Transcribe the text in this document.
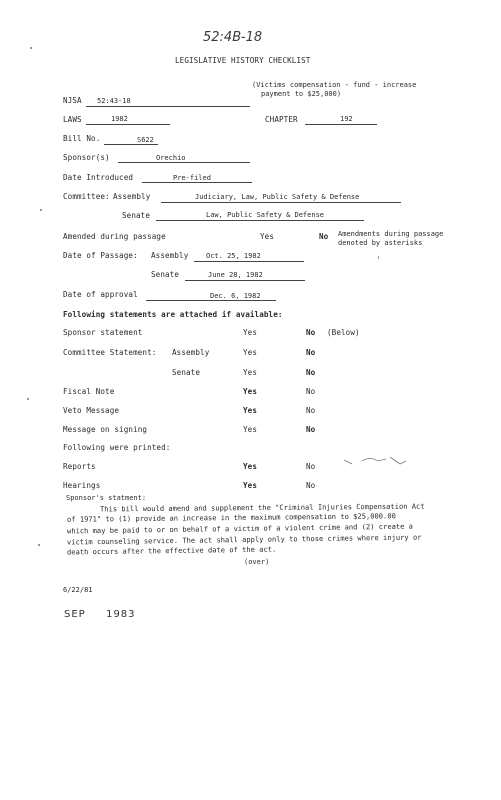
52:4B-18
LEGISLATIVE HISTORY CHECKLIST
(Victims compensation - fund - increase
payment to $25,000)
NJSA 52:43-18
LAWS	1982	CHAPTER	192
Bill No.	S622
Sponsor(s)	Orechio
Date Introduced	Pre-filed
Committee: Assembly	Judiciary, Law, Public Safety & Defense
Senate	Law, Public Safety & Defense
Amended during passage	Yes	No Amendments during passage
denoted by asterisks
Date of Passage: Assembly	Oct. 25, 1982
Senate	June 28, 1982
Date of approval	Dec. 6, 1982
Following statements are attached if available:
Sponsor statement	Yes	No (Below)
Committee Statement: Assembly	Yes	No
Senate	Yes	No
Fiscal Note	Yes	No
Veto Message	Yes	No
Message on signing	Yes	No
Following were printed:
Reports	Yes	No
Hearings	Yes	No
Sponsor's statment:
This bill would amend and supplement the "Criminal Injuries Compensation Act
of 1971" to (1) provide an increase in the maximum compensation to $25,000.00
which may be paid to or on behalf of a victim of a violent crime and (2) create a
victim counseling service. The act shall apply only to those crimes where injury or
death occurs after the effective date of the act.
(over)
6/22/81
SEP 1983
